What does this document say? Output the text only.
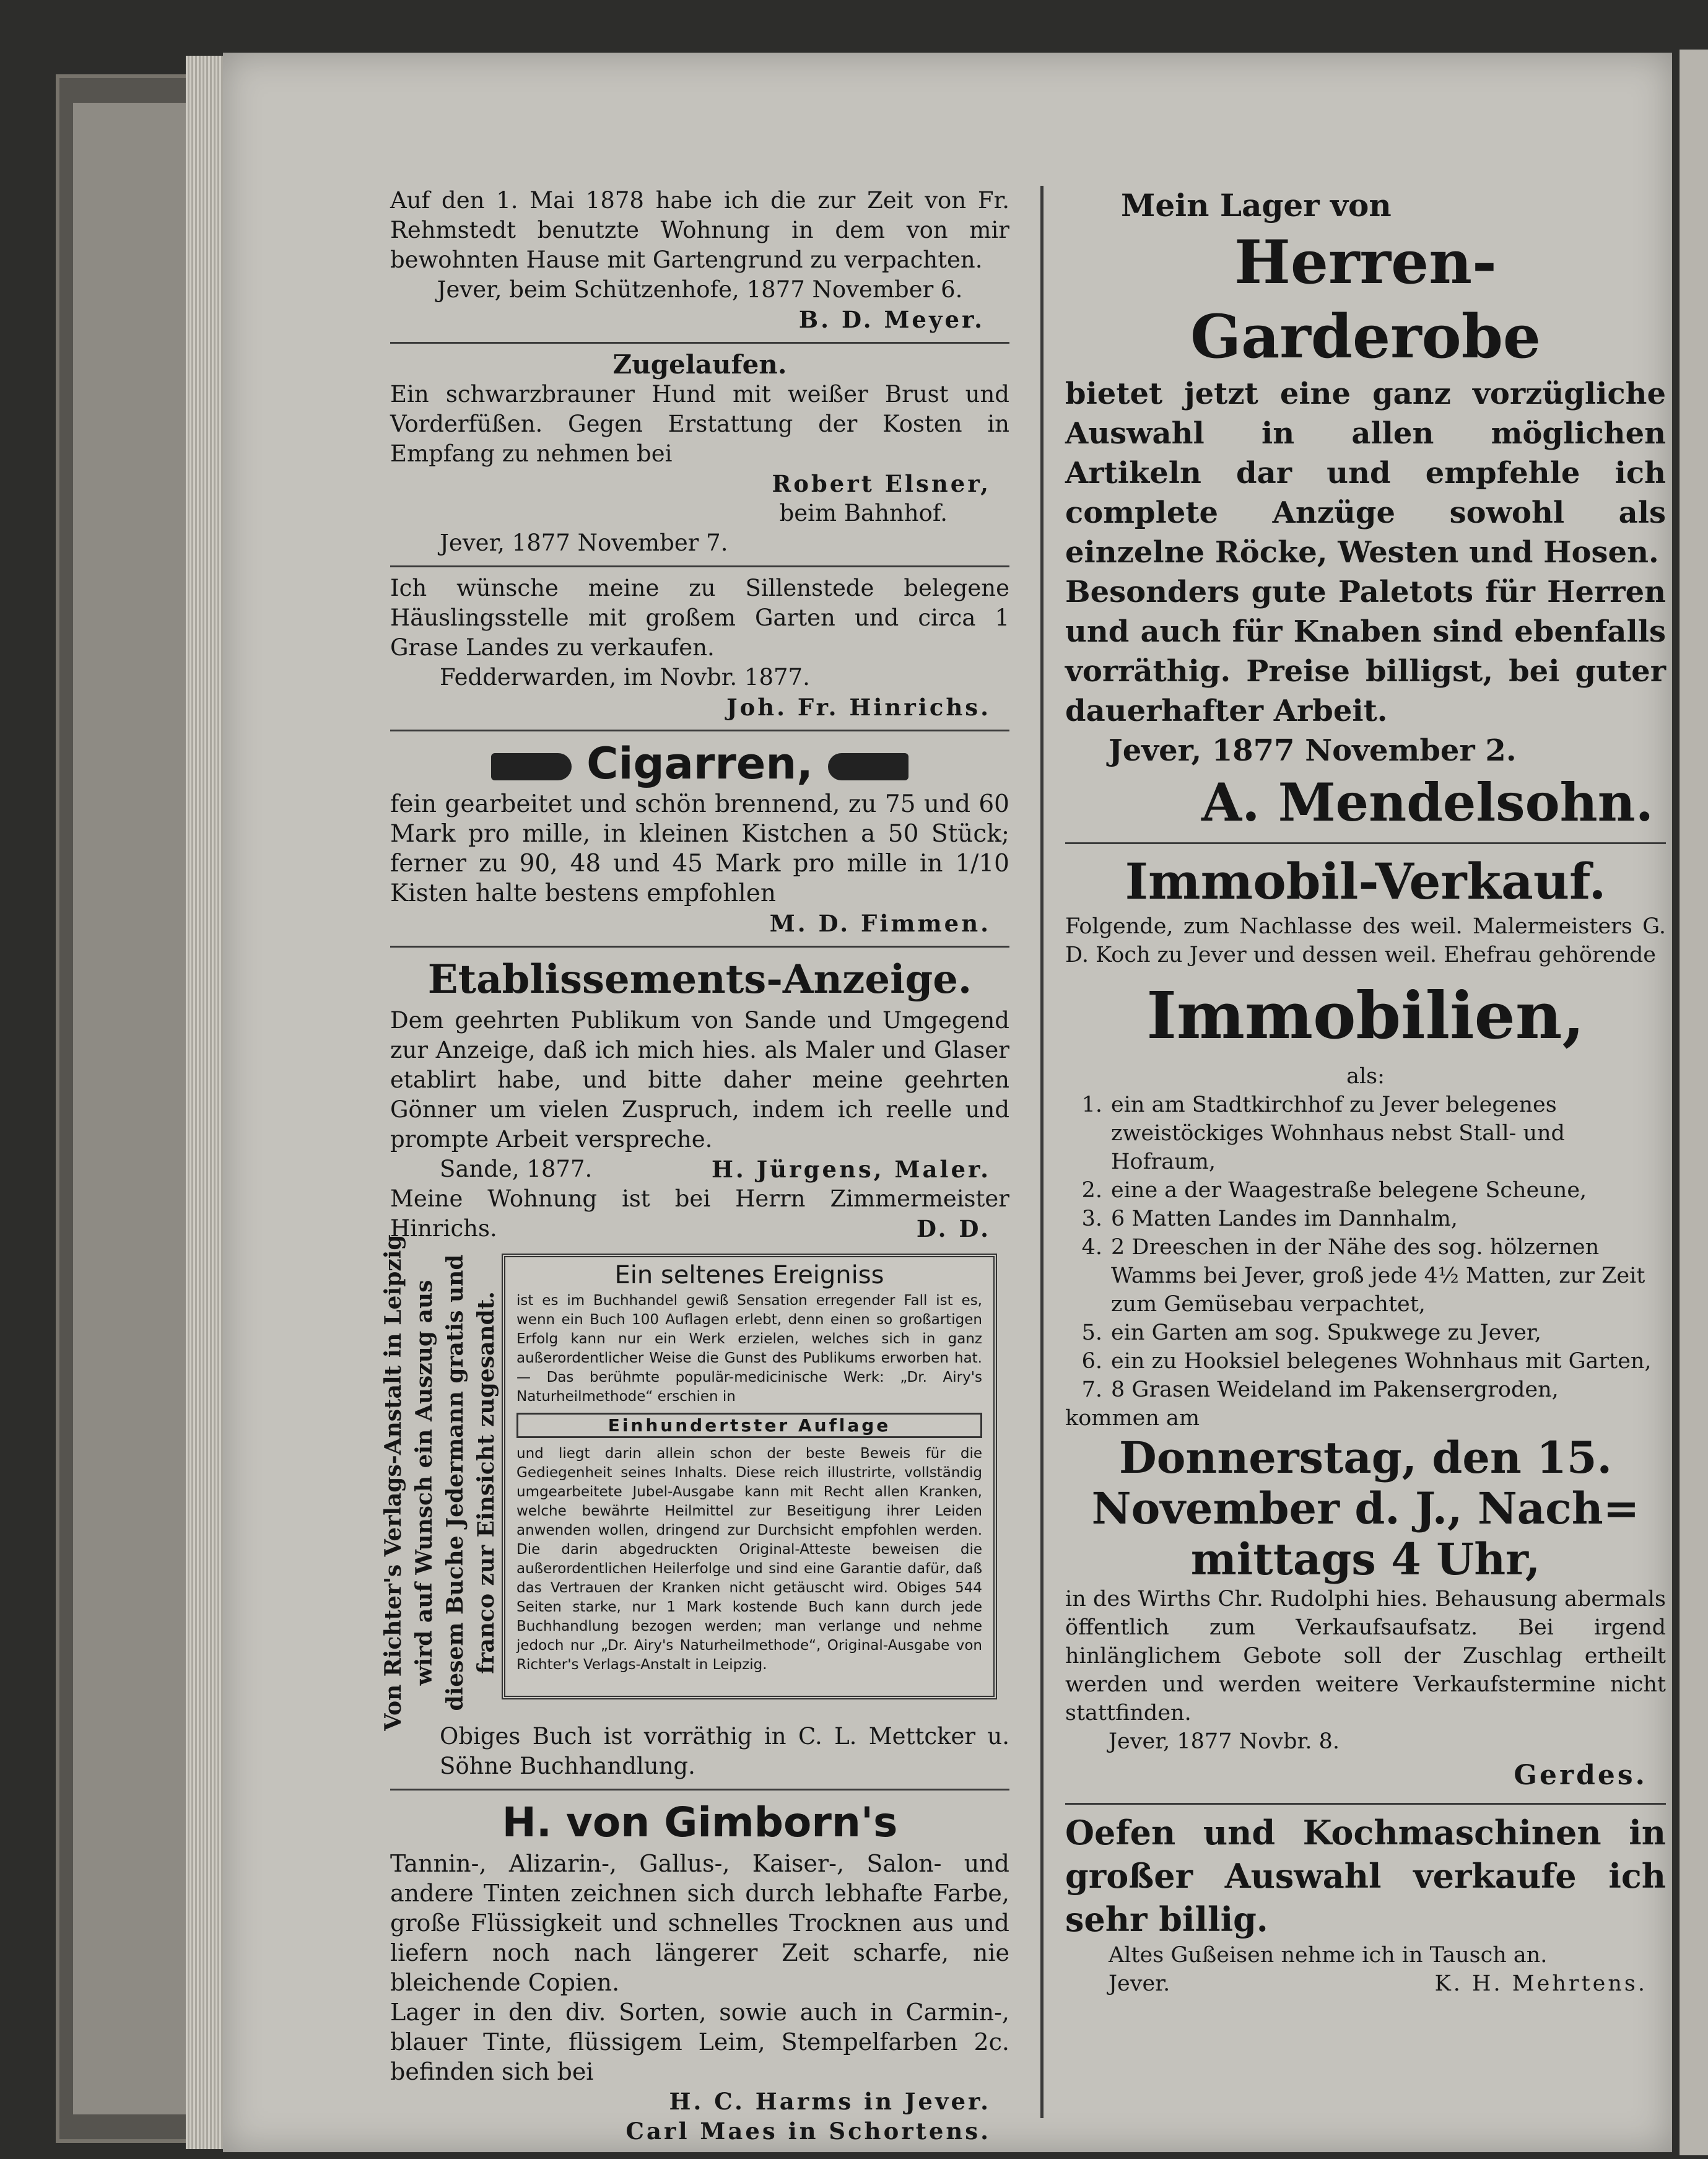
Auf den 1. Mai 1878 habe ich die zur Zeit von Fr. Rehmstedt benutzte Wohnung in dem von mir bewohnten Hause mit Gartengrund zu verpachten.

Jever, beim Schützenhofe, 1877 November 6.

B. D. Meyer.

Zugelaufen.

Ein schwarzbrauner Hund mit weißer Brust und Vorderfüßen. Gegen Erstattung der Kosten in Empfang zu nehmen bei

Robert Elsner,

beim Bahnhof.

Jever, 1877 November 7.

Ich wünsche meine zu Sillenstede belegene Häuslingsstelle mit großem Garten und circa 1 Grase Landes zu verkaufen.

Fedderwarden, im Novbr. 1877.

Joh. Fr. Hinrichs.

Cigarren,

fein gearbeitet und schön brennend, zu 75 und 60 Mark pro mille, in kleinen Kistchen a 50 Stück; ferner zu 90, 48 und 45 Mark pro mille in 1/10 Kisten halte bestens empfohlen

M. D. Fimmen.

Etablissements-Anzeige.

Dem geehrten Publikum von Sande und Umgegend zur Anzeige, daß ich mich hies. als Maler und Glaser etablirt habe, und bitte daher meine geehrten Gönner um vielen Zuspruch, indem ich reelle und prompte Arbeit verspreche.

Sande, 1877.	H. Jürgens, Maler.

Meine Wohnung ist bei Herrn Zimmermeister Hinrichs.	D. D.

Von Richter's Verlags-Anstalt in Leipzig wird auf Wunsch ein Auszug aus diesem Buche Jedermann gratis und franco zur Einsicht zugesandt.

Ein seltenes Ereigniss

ist es im Buchhandel gewiß Sensation erregender Fall ist es, wenn ein Buch 100 Auflagen erlebt, denn einen so großartigen Erfolg kann nur ein Werk erzielen, welches sich in ganz außerordentlicher Weise die Gunst des Publikums erworben hat. — Das berühmte populär-medicinische Werk: „Dr. Airy's Naturheilmethode“ erschien in

Einhundertster Auflage

und liegt darin allein schon der beste Beweis für die Gediegenheit seines Inhalts. Diese reich illustrirte, vollständig umgearbeitete Jubel-Ausgabe kann mit Recht allen Kranken, welche bewährte Heilmittel zur Beseitigung ihrer Leiden anwenden wollen, dringend zur Durchsicht empfohlen werden. Die darin abgedruckten Original-Atteste beweisen die außerordentlichen Heilerfolge und sind eine Garantie dafür, daß das Vertrauen der Kranken nicht getäuscht wird. Obiges 544 Seiten starke, nur 1 Mark kostende Buch kann durch jede Buchhandlung bezogen werden; man verlange und nehme jedoch nur „Dr. Airy's Naturheilmethode“, Original-Ausgabe von Richter's Verlags-Anstalt in Leipzig.

Obiges Buch ist vorräthig in C. L. Mettcker u. Söhne Buchhandlung.

H. von Gimborn's

Tannin-, Alizarin-, Gallus-, Kaiser-, Salon- und andere Tinten zeichnen sich durch lebhafte Farbe, große Flüssigkeit und schnelles Trocknen aus und liefern noch nach längerer Zeit scharfe, nie bleichende Copien.

Lager in den div. Sorten, sowie auch in Carmin-, blauer Tinte, flüssigem Leim, Stempelfarben 2c. befinden sich bei

H. C. Harms in Jever.

Carl Maes in Schortens.

Mein Lager von

Herren-Garderobe

bietet jetzt eine ganz vorzügliche Auswahl in allen möglichen Artikeln dar und empfehle ich complete Anzüge sowohl als einzelne Röcke, Westen und Hosen.

Besonders gute Paletots für Herren und auch für Knaben sind ebenfalls vorräthig. Preise billigst, bei guter dauerhafter Arbeit.

Jever, 1877 November 2.

A. Mendelsohn.

Immobil-Verkauf.

Folgende, zum Nachlasse des weil. Malermeisters G. D. Koch zu Jever und dessen weil. Ehefrau gehörende

Immobilien,

als:

1. ein am Stadtkirchhof zu Jever belegenes zweistöckiges Wohnhaus nebst Stall- und Hofraum,
2. eine a der Waagestraße belegene Scheune,
3. 6 Matten Landes im Dannhalm,
4. 2 Dreeschen in der Nähe des sog. hölzernen Wamms bei Jever, groß jede 4½ Matten, zur Zeit zum Gemüsebau verpachtet,
5. ein Garten am sog. Spukwege zu Jever,
6. ein zu Hooksiel belegenes Wohnhaus mit Garten,
7. 8 Grasen Weideland im Pakensergroden,

kommen am

Donnerstag, den 15.

November d. J., Nach=

mittags 4 Uhr,

in des Wirths Chr. Rudolphi hies. Behausung abermals öffentlich zum Verkaufsaufsatz. Bei irgend hinlänglichem Gebote soll der Zuschlag ertheilt werden und werden weitere Verkaufstermine nicht stattfinden.

Jever, 1877 Novbr. 8.

Gerdes.

Oefen und Kochmaschinen in großer Auswahl verkaufe ich sehr billig.

Altes Gußeisen nehme ich in Tausch an.

Jever.	K. H. Mehrtens.
